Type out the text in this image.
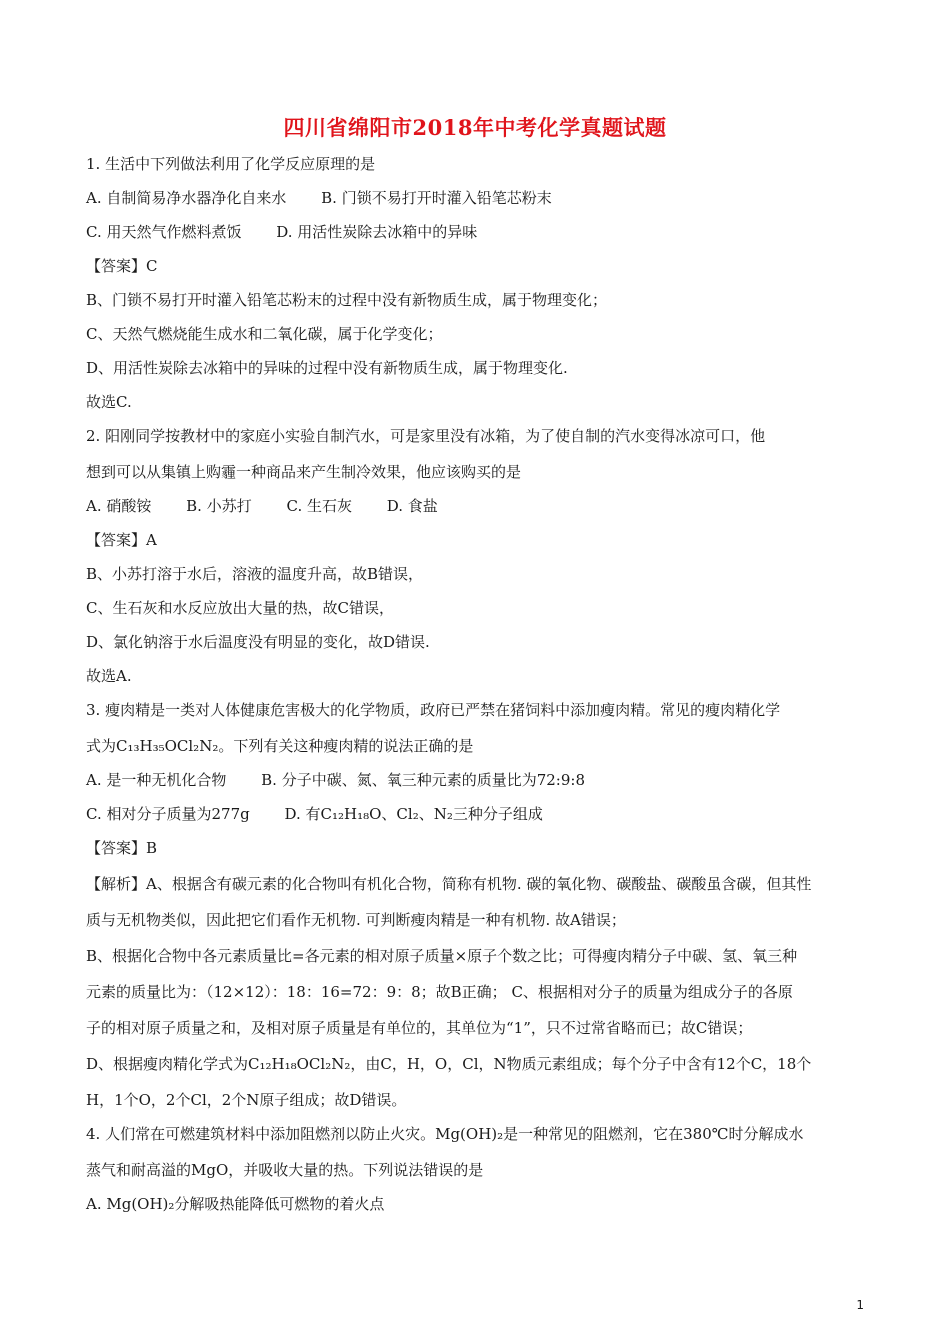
四川省绵阳市2018年中考化学真题试题
1. 生活中下列做法利用了化学反应原理的是
A. 自制简易净水器净化自来水 B. 门锁不易打开时灌入铅笔芯粉末
C. 用天然气作燃料煮饭 D. 用活性炭除去冰箱中的异味
【答案】C
B、门锁不易打开时灌入铅笔芯粉末的过程中没有新物质生成，属于物理变化；
C、天然气燃烧能生成水和二氧化碳，属于化学变化；
D、用活性炭除去冰箱中的异味的过程中没有新物质生成，属于物理变化.
故选C.
2. 阳刚同学按教材中的家庭小实验自制汽水，可是家里没有冰箱，为了使自制的汽水变得冰凉可口，他
想到可以从集镇上购霾一种商品来产生制冷效果，他应该购买的是
A. 硝酸铵 B. 小苏打 C. 生石灰 D. 食盐
【答案】A
B、小苏打溶于水后，溶液的温度升高，故B错误，
C、生石灰和水反应放出大量的热，故C错误，
D、氯化钠溶于水后温度没有明显的变化，故D错误.
故选A.
3. 瘦肉精是一类对人体健康危害极大的化学物质，政府已严禁在猪饲料中添加瘦肉精。常见的瘦肉精化学
式为C₁₃H₃₅OCl₂N₂。下列有关这种瘦肉精的说法正确的是
A. 是一种无机化合物 B. 分子中碳、氮、氧三种元素的质量比为72:9:8
C. 相对分子质量为277g D. 有C₁₂H₁₈O、Cl₂、N₂三种分子组成
【答案】B
【解析】A、根据含有碳元素的化合物叫有机化合物，简称有机物. 碳的氧化物、碳酸盐、碳酸虽含碳，但其性
质与无机物类似，因此把它们看作无机物. 可判断瘦肉精是一种有机物. 故A错误；
B、根据化合物中各元素质量比=各元素的相对原子质量×原子个数之比；可得瘦肉精分子中碳、氢、氧三种
元素的质量比为：（12×12）：18：16=72：9：8；故B正确； C、根据相对分子的质量为组成分子的各原
子的相对原子质量之和，及相对原子质量是有单位的，其单位为“1”，只不过常省略而已；故C错误；
D、根据瘦肉精化学式为C₁₂H₁₈OCl₂N₂，由C，H，O，Cl，N物质元素组成；每个分子中含有12个C，18个
H，1个O，2个Cl，2个N原子组成；故D错误。
4. 人们常在可燃建筑材料中添加阻燃剂以防止火灾。Mg(OH)₂是一种常见的阻燃剂，它在380℃时分解成水
蒸气和耐高溢的MgO，并吸收大量的热。下列说法错误的是
A. Mg(OH)₂分解吸热能降低可燃物的着火点
1
